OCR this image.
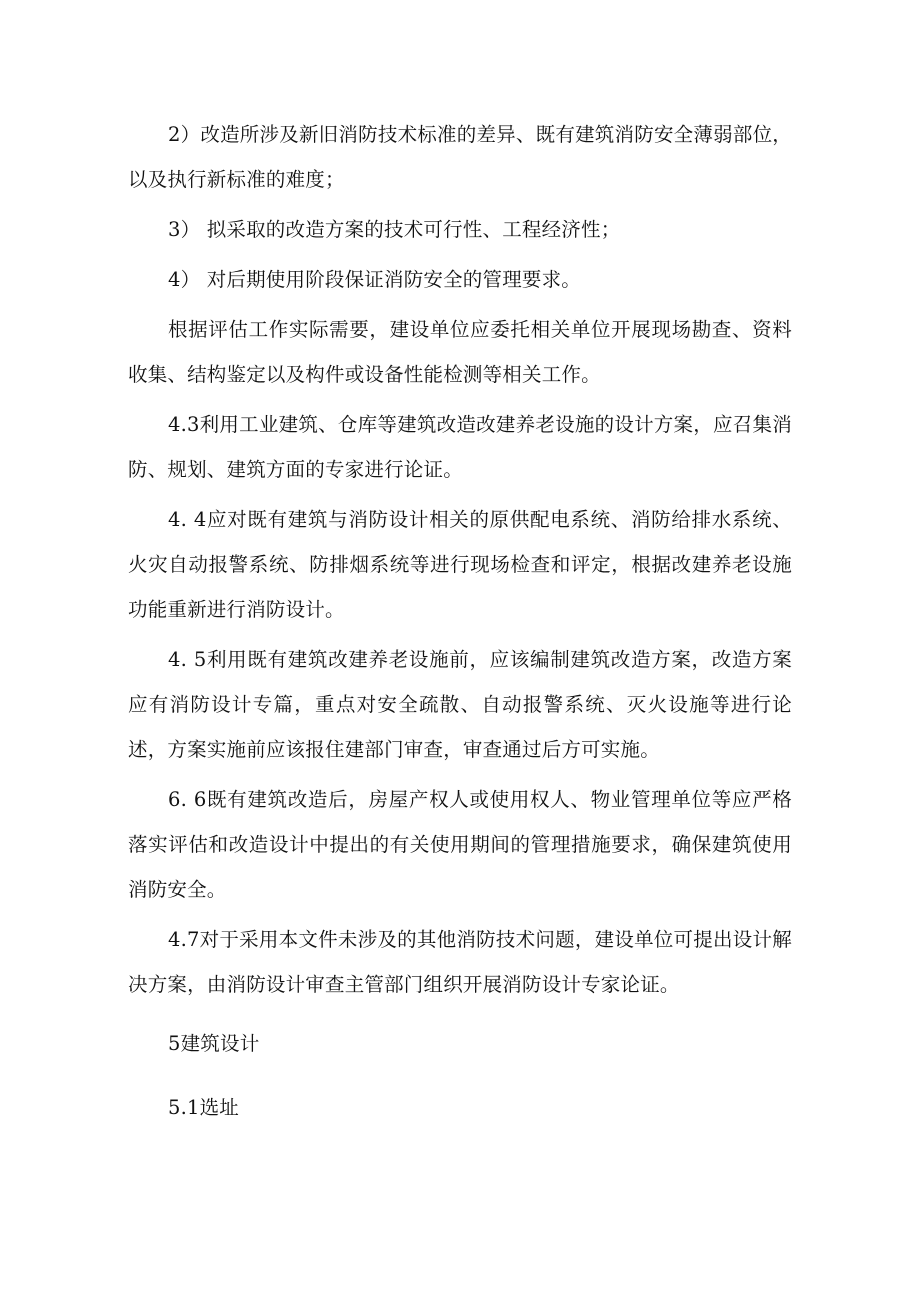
2）改造所涉及新旧消防技术标准的差异、既有建筑消防安全薄弱部位，以及执行新标准的难度；

3） 拟采取的改造方案的技术可行性、工程经济性；

4） 对后期使用阶段保证消防安全的管理要求。

根据评估工作实际需要，建设单位应委托相关单位开展现场勘查、资料收集、结构鉴定以及构件或设备性能检测等相关工作。

4.3利用工业建筑、仓库等建筑改造改建养老设施的设计方案，应召集消防、规划、建筑方面的专家进行论证。

4. 4应对既有建筑与消防设计相关的原供配电系统、消防给排水系统、火灾自动报警系统、防排烟系统等进行现场检查和评定，根据改建养老设施功能重新进行消防设计。

4. 5利用既有建筑改建养老设施前，应该编制建筑改造方案，改造方案应有消防设计专篇，重点对安全疏散、自动报警系统、灭火设施等进行论述，方案实施前应该报住建部门审查，审查通过后方可实施。

6. 6既有建筑改造后，房屋产权人或使用权人、物业管理单位等应严格落实评估和改造设计中提出的有关使用期间的管理措施要求，确保建筑使用消防安全。

4.7对于采用本文件未涉及的其他消防技术问题，建设单位可提出设计解决方案，由消防设计审查主管部门组织开展消防设计专家论证。

5建筑设计

5.1选址
